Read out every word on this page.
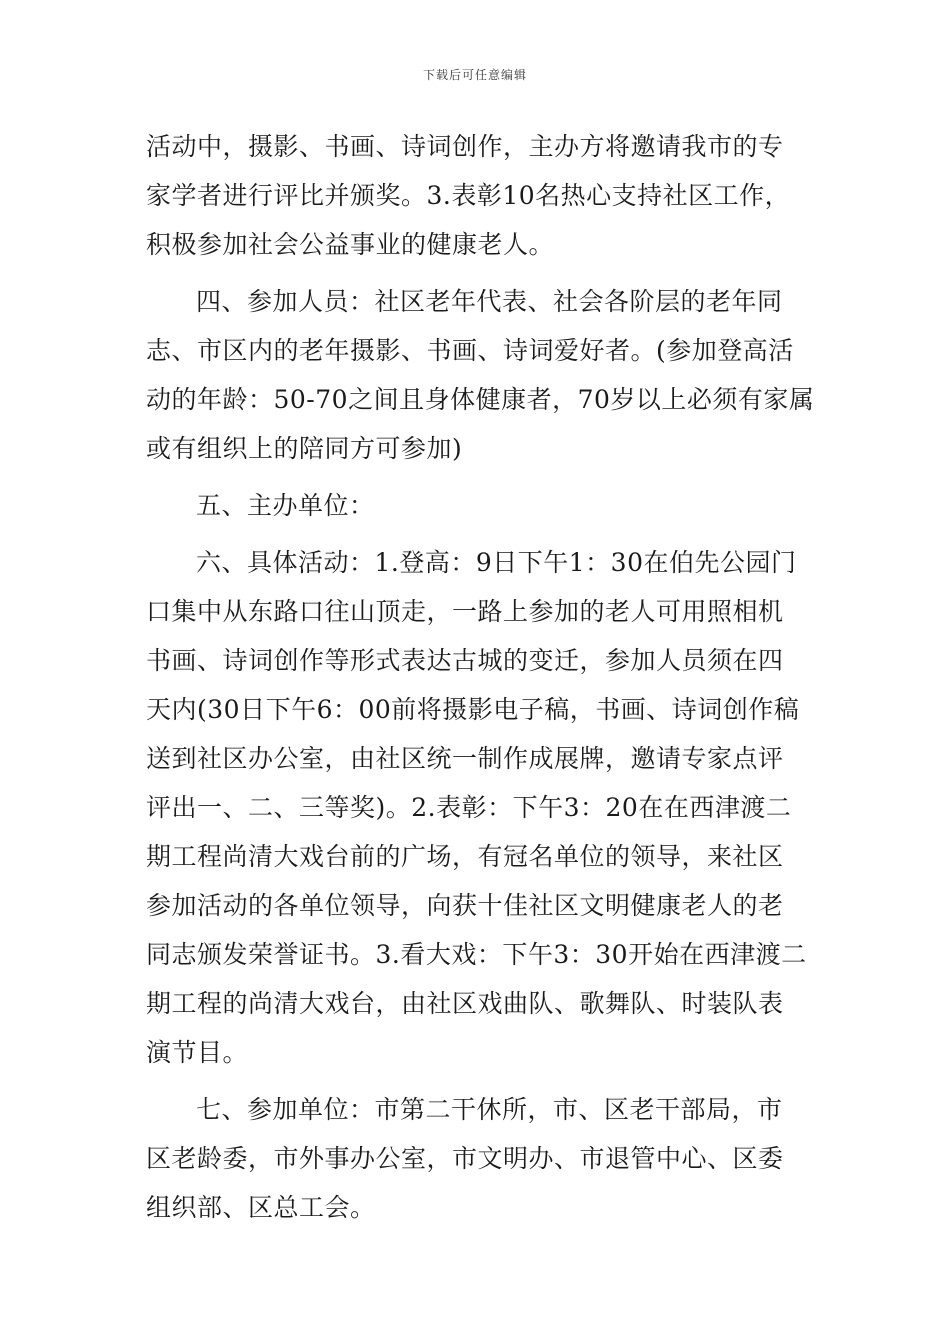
下载后可任意编辑
活动中，摄影、书画、诗词创作，主办方将邀请我市的专
家学者进行评比并颁奖。3.表彰10名热心支持社区工作，
积极参加社会公益事业的健康老人。
四、参加人员：社区老年代表、社会各阶层的老年同
志、市区内的老年摄影、书画、诗词爱好者。(参加登高活
动的年龄：50-70之间且身体健康者，70岁以上必须有家属
或有组织上的陪同方可参加)
五、主办单位：
六、具体活动：1.登高：9日下午1：30在伯先公园门
口集中从东路口往山顶走，一路上参加的老人可用照相机
书画、诗词创作等形式表达古城的变迁，参加人员须在四
天内(30日下午6：00前将摄影电子稿，书画、诗词创作稿
送到社区办公室，由社区统一制作成展牌，邀请专家点评
评出一、二、三等奖)。2.表彰：下午3：20在在西津渡二
期工程尚清大戏台前的广场，有冠名单位的领导，来社区
参加活动的各单位领导，向获十佳社区文明健康老人的老
同志颁发荣誉证书。3.看大戏：下午3：30开始在西津渡二
期工程的尚清大戏台，由社区戏曲队、歌舞队、时装队表
演节目。
七、参加单位：市第二干休所，市、区老干部局，市
区老龄委，市外事办公室，市文明办、市退管中心、区委
组织部、区总工会。
